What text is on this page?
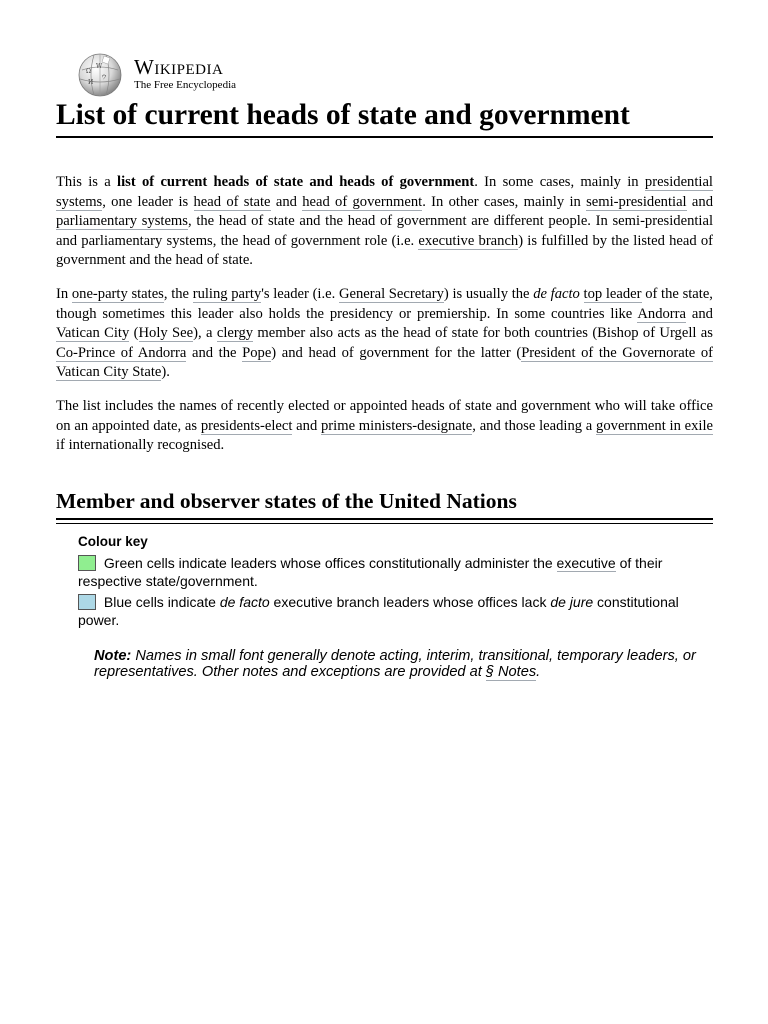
Ω
W
И
ウ Wikipedia
The Free Encyclopedia
List of current heads of state and government

This is a list of current heads of state and heads of government. In some cases, mainly in presidential systems, one leader is head of state and head of government. In other cases, mainly in semi-presidential and parliamentary systems, the head of state and the head of government are different people. In semi-presidential and parliamentary systems, the head of government role (i.e. executive branch) is fulfilled by the listed head of government and the head of state.

In one-party states, the ruling party's leader (i.e. General Secretary) is usually the de facto top leader of the state, though sometimes this leader also holds the presidency or premiership. In some countries like Andorra and Vatican City (Holy See), a clergy member also acts as the head of state for both countries (Bishop of Urgell as Co-Prince of Andorra and the Pope) and head of government for the latter (President of the Governorate of Vatican City State).

The list includes the names of recently elected or appointed heads of state and government who will take office on an appointed date, as presidents-elect and prime ministers-designate, and those leading a government in exile if internationally recognised.

Member and observer states of the United Nations
Colour key
Green cells indicate leaders whose offices constitutionally administer the executive of their respective state/government.
Blue cells indicate de facto executive branch leaders whose offices lack de jure constitutional power.
Note: Names in small font generally denote acting, interim, transitional, temporary leaders, or representatives. Other notes and exceptions are provided at § Notes.
